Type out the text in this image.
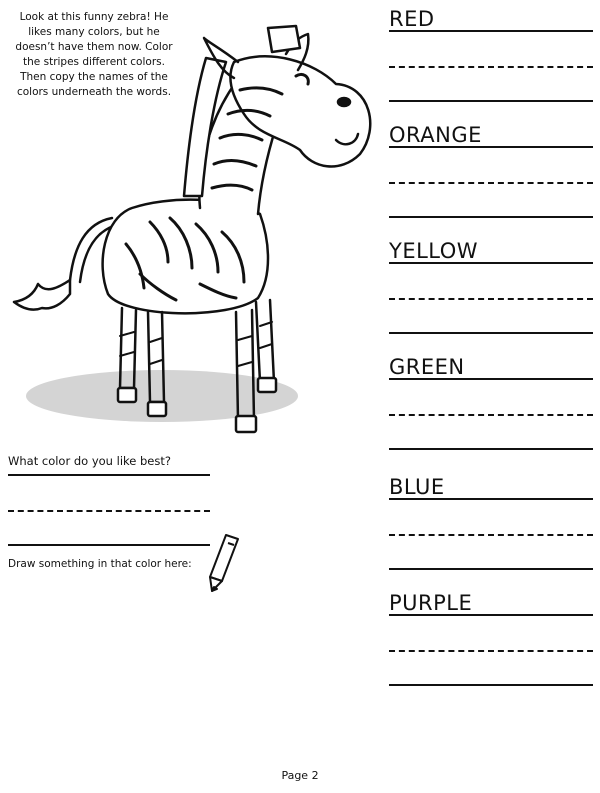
Look at this funny zebra! He likes many colors, but he doesn’t have them now. Color the stripes different colors. Then copy the names of the colors underneath the words.
What color do you like best?
Draw something in that color here:
RED
ORANGE
YELLOW
GREEN
BLUE
PURPLE
Page 2
